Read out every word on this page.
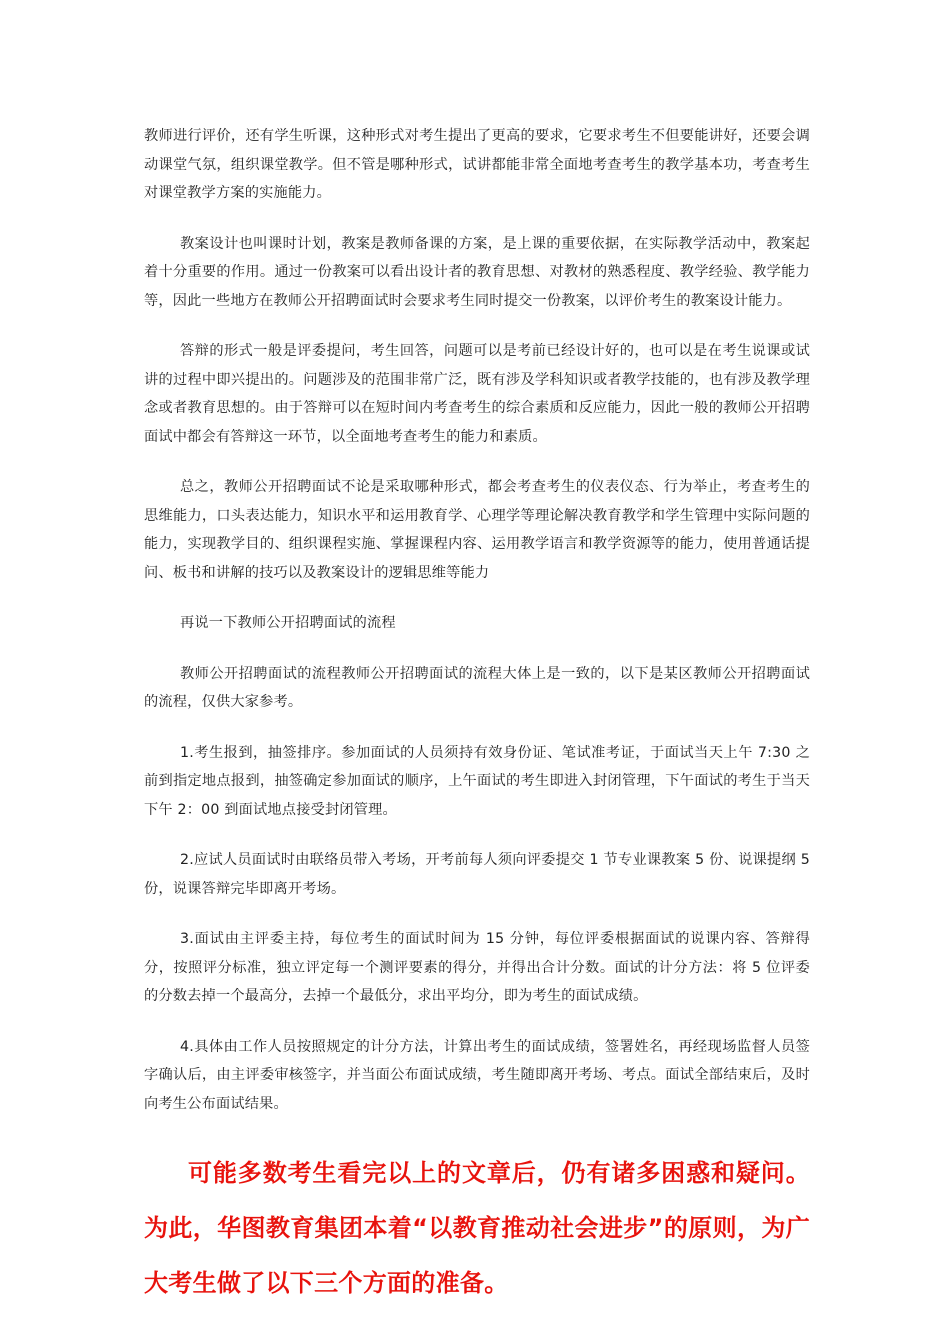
教师进行评价，还有学生听课，这种形式对考生提出了更高的要求，它要求考生不但要能讲好，还要会调动课堂气氛，组织课堂教学。但不管是哪种形式，试讲都能非常全面地考查考生的教学基本功，考查考生对课堂教学方案的实施能力。

教案设计也叫课时计划，教案是教师备课的方案，是上课的重要依据，在实际教学活动中，教案起着十分重要的作用。通过一份教案可以看出设计者的教育思想、对教材的熟悉程度、教学经验、教学能力等，因此一些地方在教师公开招聘面试时会要求考生同时提交一份教案，以评价考生的教案设计能力。

答辩的形式一般是评委提问，考生回答，问题可以是考前已经设计好的，也可以是在考生说课或试讲的过程中即兴提出的。问题涉及的范围非常广泛，既有涉及学科知识或者教学技能的，也有涉及教学理念或者教育思想的。由于答辩可以在短时间内考查考生的综合素质和反应能力，因此一般的教师公开招聘面试中都会有答辩这一环节，以全面地考查考生的能力和素质。

总之，教师公开招聘面试不论是采取哪种形式，都会考查考生的仪表仪态、行为举止，考查考生的思维能力，口头表达能力，知识水平和运用教育学、心理学等理论解决教育教学和学生管理中实际问题的能力，实现教学目的、组织课程实施、掌握课程内容、运用教学语言和教学资源等的能力，使用普通话提问、板书和讲解的技巧以及教案设计的逻辑思维等能力

再说一下教师公开招聘面试的流程

教师公开招聘面试的流程教师公开招聘面试的流程大体上是一致的，以下是某区教师公开招聘面试的流程，仅供大家参考。

1.考生报到，抽签排序。参加面试的人员须持有效身份证、笔试准考证，于面试当天上午 7:30 之前到指定地点报到，抽签确定参加面试的顺序，上午面试的考生即进入封闭管理，下午面试的考生于当天下午 2：00 到面试地点接受封闭管理。

2.应试人员面试时由联络员带入考场，开考前每人须向评委提交 1 节专业课教案 5 份、说课提纲 5 份，说课答辩完毕即离开考场。

3.面试由主评委主持，每位考生的面试时间为 15 分钟，每位评委根据面试的说课内容、答辩得分，按照评分标准，独立评定每一个测评要素的得分，并得出合计分数。面试的计分方法：将 5 位评委的分数去掉一个最高分，去掉一个最低分，求出平均分，即为考生的面试成绩。

4.具体由工作人员按照规定的计分方法，计算出考生的面试成绩，签署姓名，再经现场监督人员签字确认后，由主评委审核签字，并当面公布面试成绩，考生随即离开考场、考点。面试全部结束后，及时向考生公布面试结果。

可能多数考生看完以上的文章后，仍有诸多困惑和疑问。为此，华图教育集团本着“以教育推动社会进步”的原则，为广大考生做了以下三个方面的准备。
